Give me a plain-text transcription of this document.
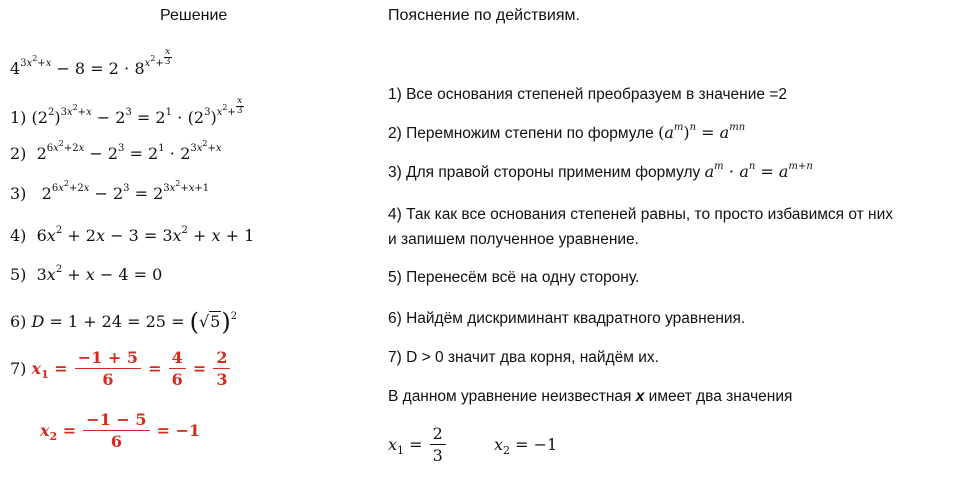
Решение
$4^{3x^2+x} - 8 = 2 \cdot 8^{x^2+ \frac{x}{3}}$
1) $(2^2)^{3x^2+x} - 2^3 = 2^1 \cdot (2^3)^{x^2+ \frac{x}{3}}$
2)  $2^{6x^2+2x} - 2^3 = 2^1 \cdot 2^{3x^2+x}$
3)   $2^{6x^2+2x} - 2^3 = 2^{3x^2+x+1}$
4)  $6x^2 + 2x - 3 = 3x^2 + x + 1$
5)  $3x^2 + x - 4 = 0$
6) $D = 1 + 24 = 25 = (√5)^2$
7) $x_1 = \frac{-1 + 5}{6} = \frac{4}{6} = \frac{2}{3}$
$x_2 = \frac{-1 - 5}{6} = -1$
Пояснение по действиям.
1) Все основания степеней преобразуем в значение =2
2) Перемножим степени по формуле $(a^m)^n = a^{mn}$
3) Для правой стороны применим формулу $a^m \cdot a^n = a^{m+n}$
4) Так как все основания степеней равны, то просто избавимся от них
и запишем полученное уравнение.
5) Перенесём всё на одну сторону.
6) Найдём дискриминант квадратного уравнения.
7) D > 0 значит два корня, найдём их.
В данном уравнение неизвестная x имеет два значения
$x_1 = \frac{2}{3}$	$x_2 = -1$
